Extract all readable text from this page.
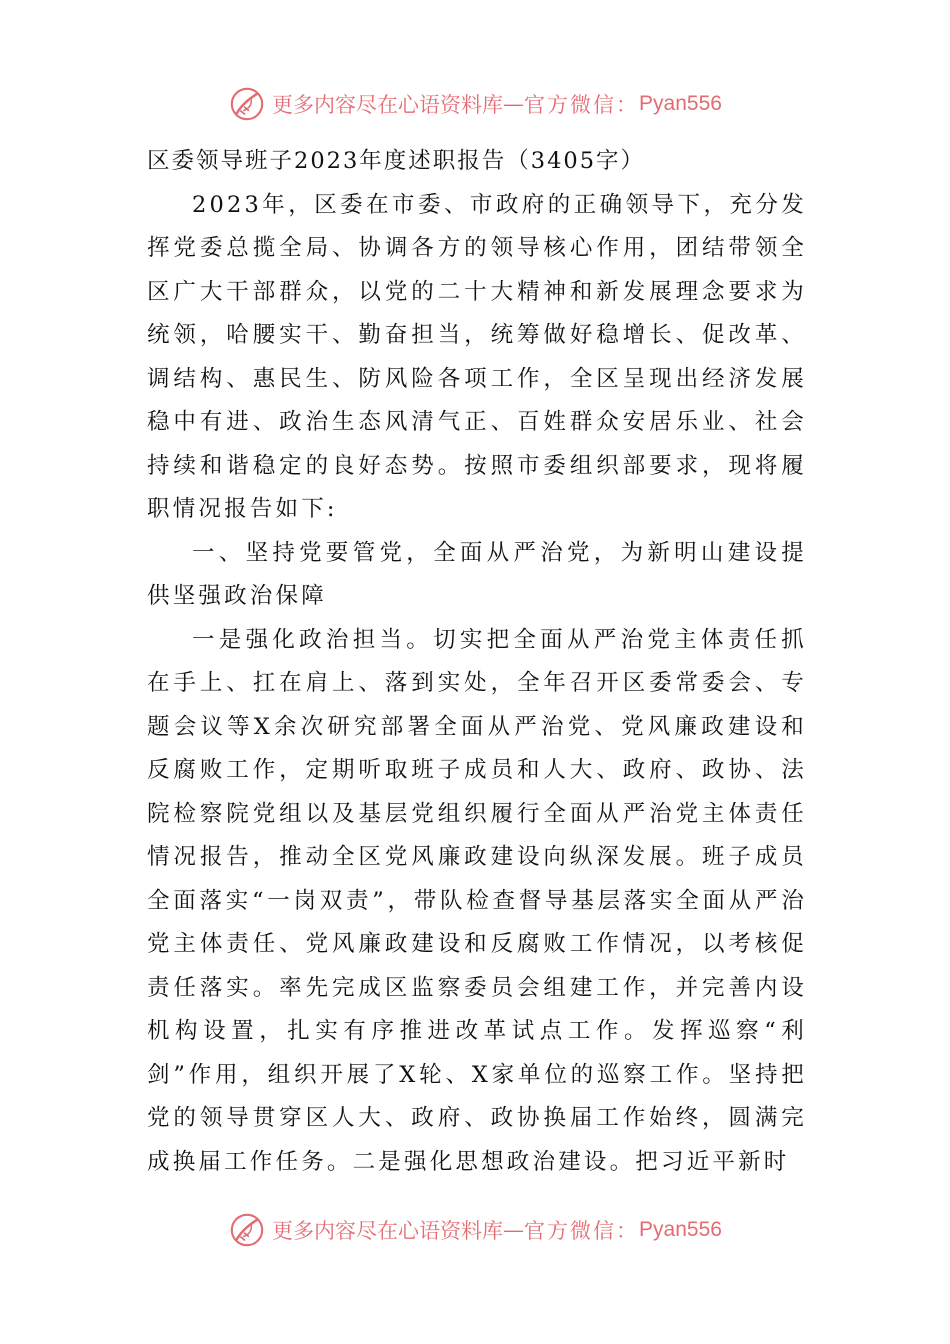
更多内容尽在心语资料库 — 官方微信： Pyan556

区委领导班子2023年度述职报告（3405字）

2023年，区委在市委、市政府的正确领导下，充分发挥党委总揽全局、协调各方的领导核心作用，团结带领全区广大干部群众，以党的二十大精神和新发展理念要求为统领，哈腰实干、勤奋担当，统筹做好稳增长、促改革、调结构、惠民生、防风险各项工作，全区呈现出经济发展稳中有进、政治生态风清气正、百姓群众安居乐业、社会持续和谐稳定的良好态势。按照市委组织部要求，现将履职情况报告如下:

一、坚持党要管党，全面从严治党，为新明山建设提供坚强政治保障

一是强化政治担当。切实把全面从严治党主体责任抓在手上、扛在肩上、落到实处，全年召开区委常委会、专题会议等X余次研究部署全面从严治党、党风廉政建设和反腐败工作，定期听取班子成员和人大、政府、政协、法院检察院党组以及基层党组织履行全面从严治党主体责任情况报告，推动全区党风廉政建设向纵深发展。班子成员全面落实“一岗双责”，带队检查督导基层落实全面从严治党主体责任、党风廉政建设和反腐败工作情况，以考核促责任落实。率先完成区监察委员会组建工作，并完善内设机构设置，扎实有序推进改革试点工作。发挥巡察“利剑”作用，组织开展了X轮、X家单位的巡察工作。坚持把党的领导贯穿区人大、政府、政协换届工作始终，圆满完成换届工作任务。二是强化思想政治建设。把习近平新时

更多内容尽在心语资料库 — 官方微信： Pyan556
